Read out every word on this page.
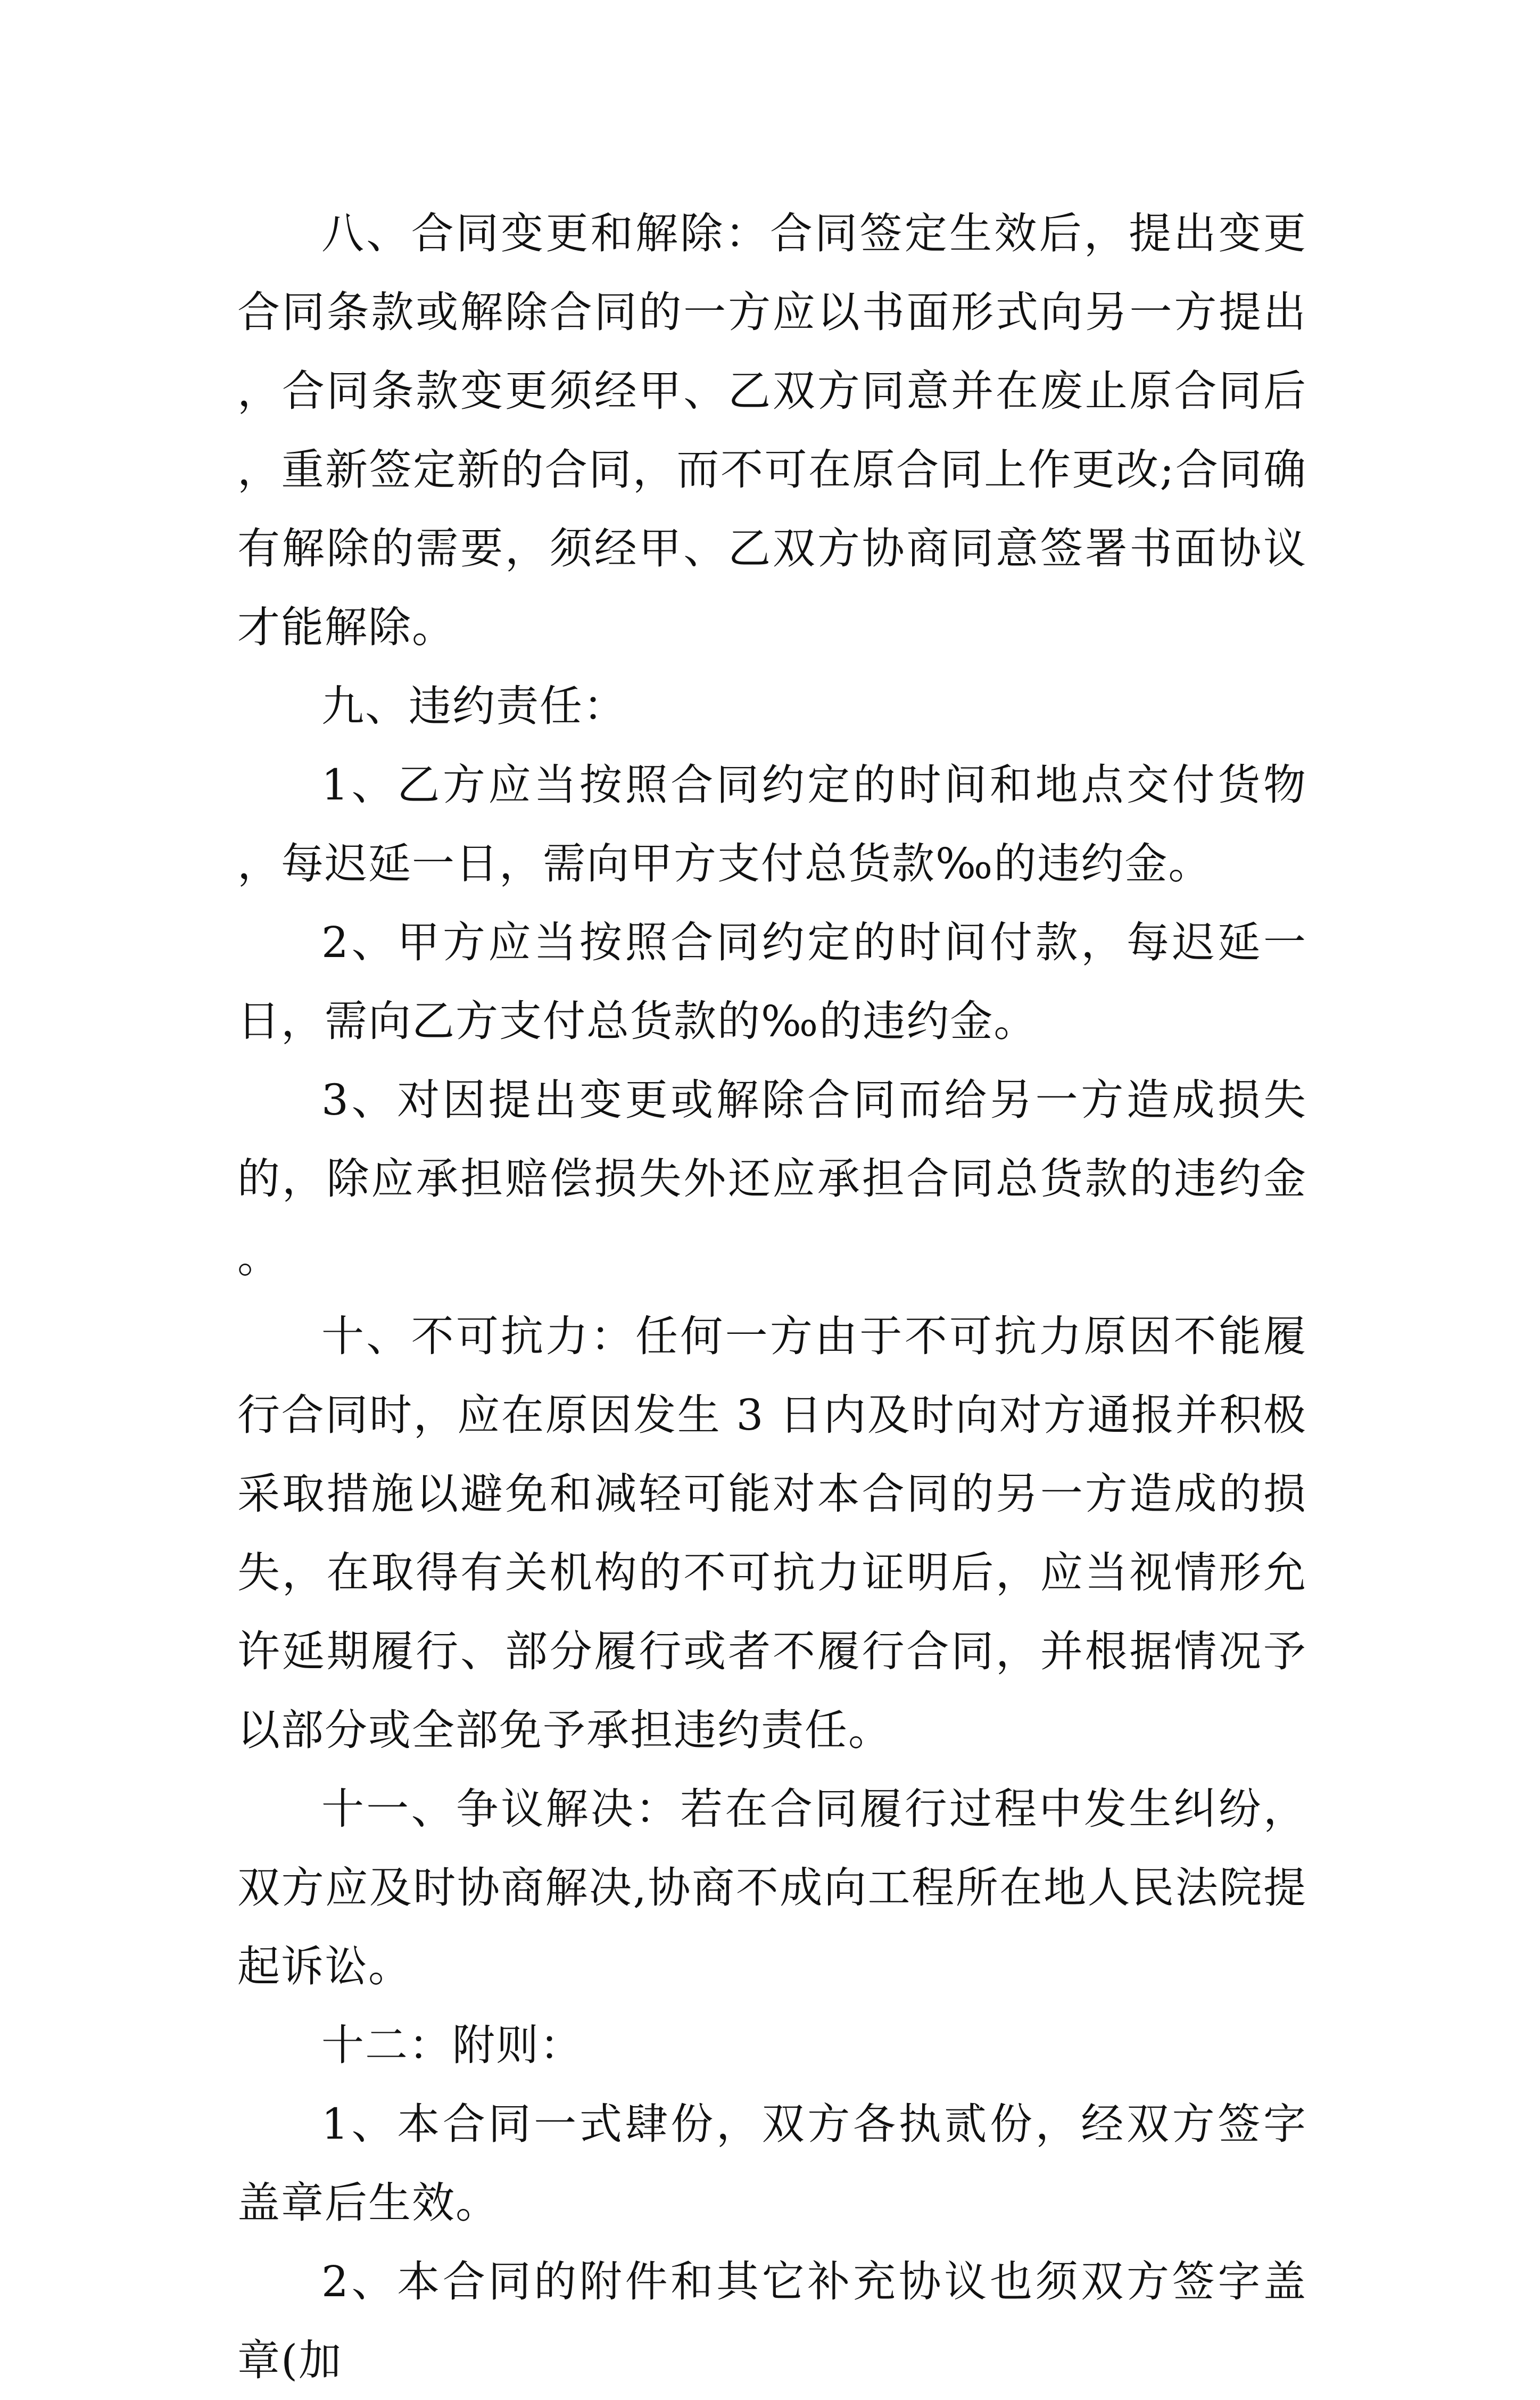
八、合同变更和解除：合同签定生效后，提出变更合同条款或解除合同的一方应以书面形式向另一方提出，合同条款变更须经甲、乙双方同意并在废止原合同后，重新签定新的合同，而不可在原合同上作更改;合同确有解除的需要，须经甲、乙双方协商同意签署书面协议才能解除。

九、违约责任：

1、乙方应当按照合同约定的时间和地点交付货物，每迟延一日，需向甲方支付总货款‰的违约金。

2、甲方应当按照合同约定的时间付款，每迟延一日，需向乙方支付总货款的‰的违约金。

3、对因提出变更或解除合同而给另一方造成损失的，除应承担赔偿损失外还应承担合同总货款的违约金。

十、不可抗力：任何一方由于不可抗力原因不能履行合同时，应在原因发生 3 日内及时向对方通报并积极采取措施以避免和减轻可能对本合同的另一方造成的损失，在取得有关机构的不可抗力证明后，应当视情形允许延期履行、部分履行或者不履行合同，并根据情况予以部分或全部免予承担违约责任。

十一、争议解决：若在合同履行过程中发生纠纷，双方应及时协商解决,协商不成向工程所在地人民法院提起诉讼。

十二：附则：

1、本合同一式肆份，双方各执贰份，经双方签字盖章后生效。

2、本合同的附件和其它补充协议也须双方签字盖章(加
